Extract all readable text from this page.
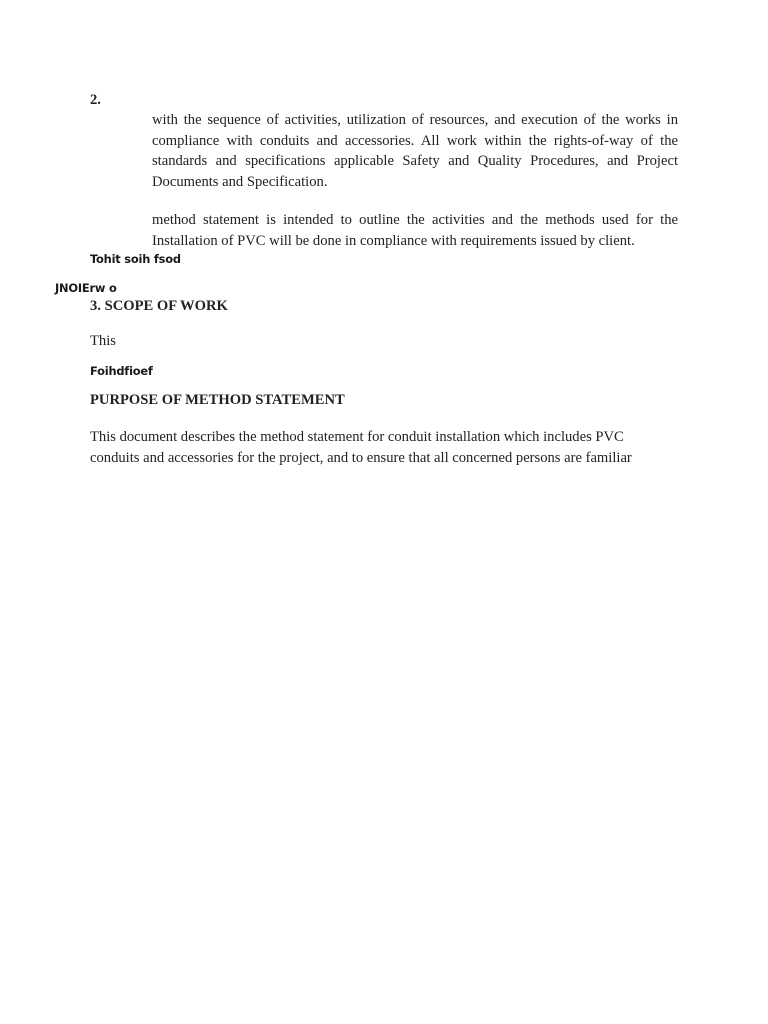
2.
with the sequence of activities, utilization of resources, and execution of the works in
compliance with conduits and accessories. All work within the rights-of-way of the
standards and specifications applicable Safety and Quality Procedures, and Project
Documents and Specification.
method statement is intended to outline the activities and the methods used for the
Installation of PVC will be done in compliance with requirements issued by client.
Tohit soih fsod
JNOIErw o
3. SCOPE OF WORK
This
Foihdfioef
PURPOSE OF METHOD STATEMENT
This document describes the method statement for conduit installation which includes PVC
conduits and accessories for the project, and to ensure that all concerned persons are familiar
